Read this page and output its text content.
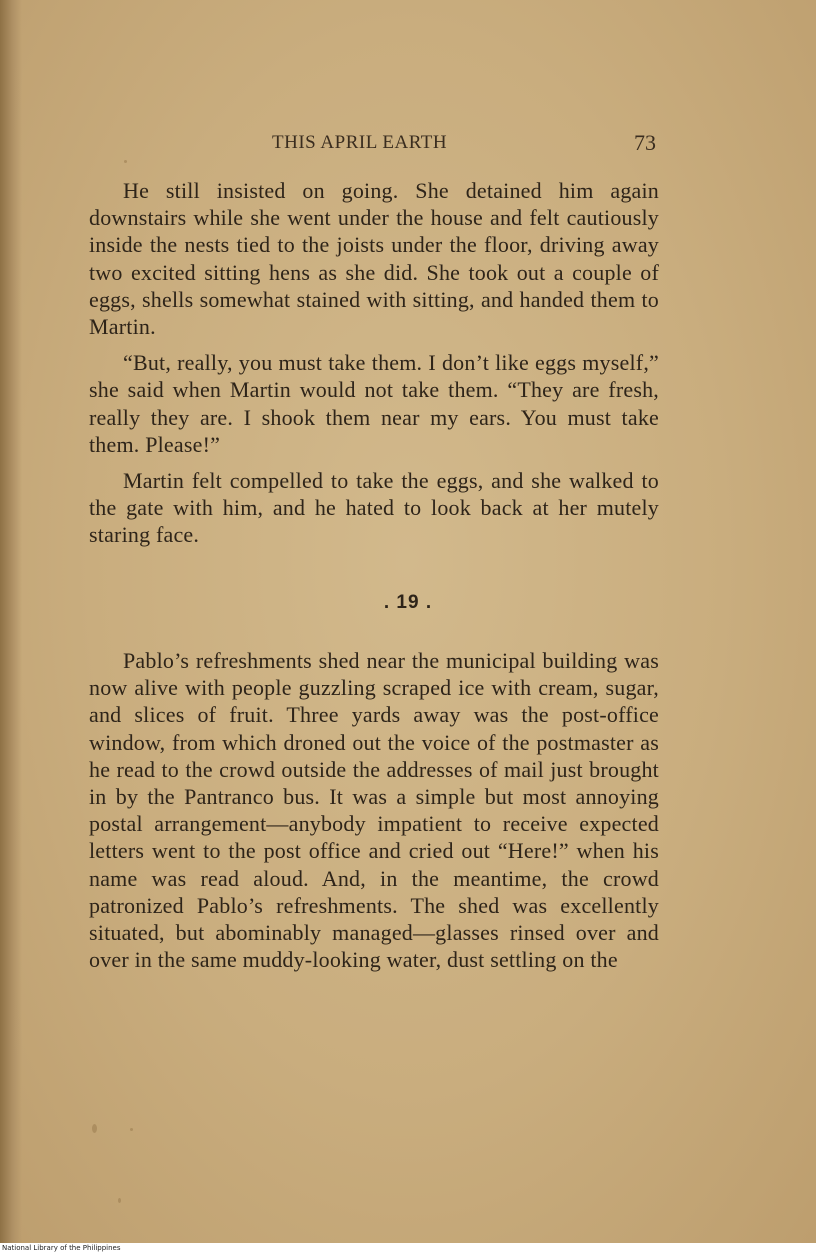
THIS APRIL EARTH	73

He still insisted on going. She detained him again downstairs while she went under the house and felt cautiously inside the nests tied to the joists under the floor, driving away two excited sitting hens as she did. She took out a couple of eggs, shells somewhat stained with sitting, and handed them to Martin.

“But, really, you must take them. I don’t like eggs myself,” she said when Martin would not take them. “They are fresh, really they are. I shook them near my ears. You must take them. Please!”

Martin felt compelled to take the eggs, and she walked to the gate with him, and he hated to look back at her mutely staring face.

. 19 .

Pablo’s refreshments shed near the municipal building was now alive with people guzzling scraped ice with cream, sugar, and slices of fruit. Three yards away was the post-office window, from which droned out the voice of the postmaster as he read to the crowd outside the addresses of mail just brought in by the Pantranco bus. It was a simple but most annoying postal arrangement—anybody impatient to receive expected letters went to the post office and cried out “Here!” when his name was read aloud. And, in the meantime, the crowd patronized Pablo’s refreshments. The shed was excellently situated, but abominably managed—glasses rinsed over and over in the same muddy-looking water, dust settling on the

National Library of the Philippines
